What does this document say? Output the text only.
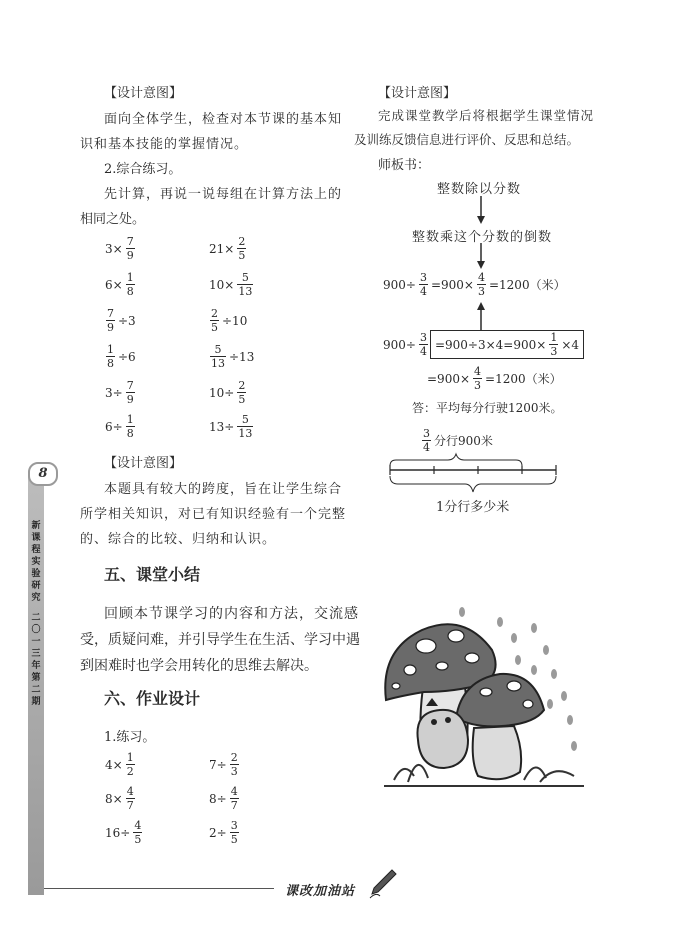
【设计意图】
面向全体学生，检查对本节课的基本知
识和基本技能的掌握情况。
2.综合练习。
先计算，再说一说每组在计算方法上的
相同之处。
$3\times \frac{7}{9}$	$21\times \frac{2}{5}$
$6\times \frac{1}{8}$	$10\times \frac{5}{13}$
$\frac{7}{9} \div 3$	$\frac{2}{5} \div 10$
$\frac{1}{8} \div 6$	$\frac{5}{13} \div 13$
$3\div \frac{7}{9}$	$10\div \frac{2}{5}$
$6\div \frac{1}{8}$	$13\div \frac{5}{13}$
【设计意图】
本题具有较大的跨度，旨在让学生综合
所学相关知识，对已有知识经验有一个完整
的、综合的比较、归纳和认识。
五、课堂小结
回顾本节课学习的内容和方法，交流感
受，质疑问难，并引导学生在生活、学习中遇
到困难时也学会用转化的思维去解决。
六、作业设计
1.练习。
$4\times \frac{1}{2}$	$7\div \frac{2}{3}$
$8\times \frac{4}{7}$	$8\div \frac{4}{7}$
$16\div \frac{4}{5}$	$2\div \frac{3}{5}$
【设计意图】
完成课堂教学后将根据学生课堂情况
及训练反馈信息进行评价、反思和总结。
师板书：
整数除以分数
整数乘这个分数的倒数
$900\div \frac{3}{4} =900\times \frac{4}{3} =1200$（米）
$900\div \frac{3}{4} =900\div 3\times 4=900\times \frac{1}{3} \times 4$
$=900\times \frac{4}{3} =1200$（米）
答：平均每分行驶1200米。
$\frac{3}{4}$ 分行900米
1分行多少米
8
新课程实验研究
二〇一三年第二期
课改加油站
